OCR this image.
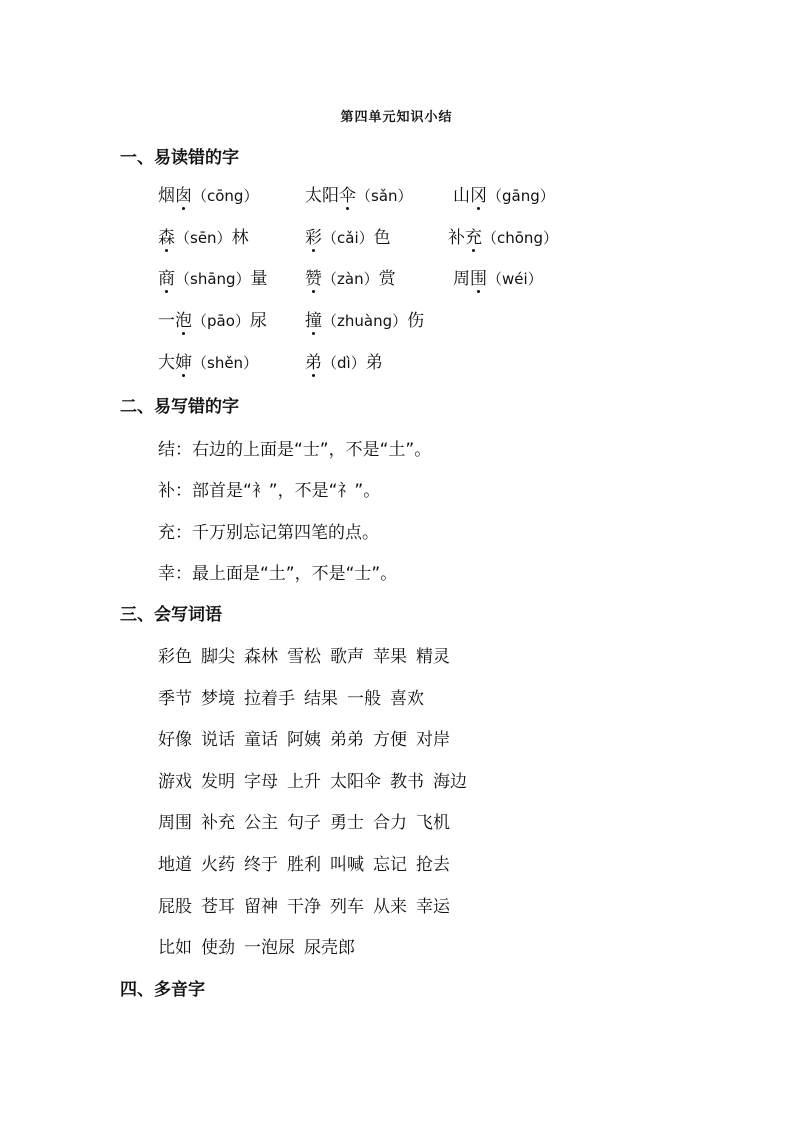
第四单元知识小结
一、易读错的字
烟囱（cōng）	太阳伞（sǎn） 山冈（gāng）
森（sēn）林	彩（cǎi）色	补充（chōng）
商（shāng）量 赞（zàn）赏	周围（wéi）
一泡（pāo）尿 撞（zhuàng）伤
大婶（shěn）	弟（dì）弟
二、易写错的字
结：右边的上面是“士”，不是“土”。
补：部首是“衤”，不是“礻”。
充：千万别忘记第四笔的点。
幸：最上面是“土”，不是“士”。
三、会写词语
彩色 脚尖 森林 雪松 歌声 苹果 精灵
季节 梦境 拉着手 结果 一般 喜欢
好像 说话 童话 阿姨 弟弟 方便 对岸
游戏 发明 字母 上升 太阳伞 教书 海边
周围 补充 公主 句子 勇士 合力 飞机
地道 火药 终于 胜利 叫喊 忘记 抢去
屁股 苍耳 留神 干净 列车 从来 幸运
比如 使劲 一泡尿 尿壳郎
四、多音字
